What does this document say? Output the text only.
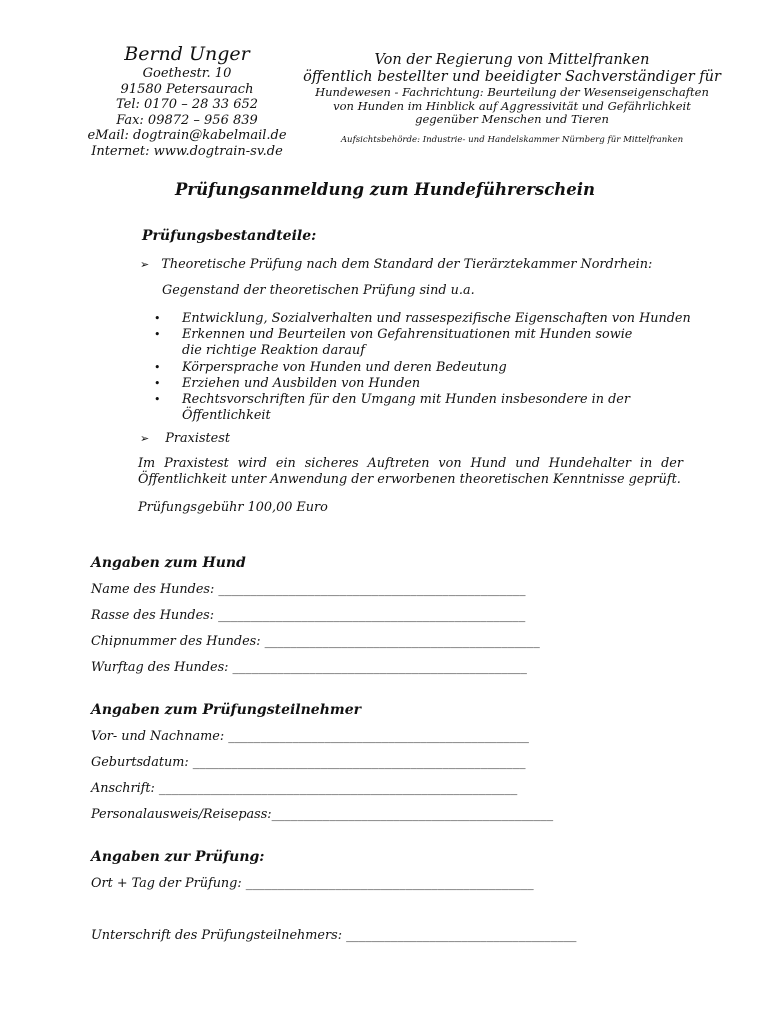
Bernd Unger
Goethestr. 10
91580 Petersaurach
Tel: 0170 – 28 33 652
Fax: 09872 – 956 839
eMail: dogtrain@kabelmail.de
Internet: www.dogtrain-sv.de
Von der Regierung von Mittelfranken
öffentlich bestellter und beeidigter Sachverständiger für
Hundewesen - Fachrichtung: Beurteilung der Wesenseigenschaften
von Hunden im Hinblick auf Aggressivität und Gefährlichkeit
gegenüber Menschen und Tieren
Aufsichtsbehörde: Industrie- und Handelskammer Nürnberg für Mittelfranken
Prüfungsanmeldung zum Hundeführerschein
Prüfungsbestandteile:
➢ Theoretische Prüfung nach dem Standard der Tierärztekammer Nordrhein:
Gegenstand der theoretischen Prüfung sind u.a.
• Entwicklung, Sozialverhalten und rassespezifische Eigenschaften von Hunden
• Erkennen und Beurteilen von Gefahrensituationen mit Hunden sowie die richtige Reaktion darauf
• Körpersprache von Hunden und deren Bedeutung
• Erziehen und Ausbilden von Hunden
• Rechtsvorschriften für den Umgang mit Hunden insbesondere in der Öffentlichkeit
➢ Praxistest
Im Praxistest wird ein sicheres Auftreten von Hund und Hundehalter in der Öffentlichkeit unter Anwendung der erworbenen theoretischen Kenntnisse geprüft.
Prüfungsgebühr 100,00 Euro
Angaben zum Hund
Name des Hundes: ________________________________________________
Rasse des Hundes: ________________________________________________
Chipnummer des Hundes: ___________________________________________
Wurftag des Hundes: ______________________________________________
Angaben zum Prüfungsteilnehmer
Vor- und Nachname: _______________________________________________
Geburtsdatum: ____________________________________________________
Anschrift: ________________________________________________________
Personalausweis/Reisepass:____________________________________________
Angaben zur Prüfung:
Ort + Tag der Prüfung: _____________________________________________
Unterschrift des Prüfungsteilnehmers: ____________________________________
